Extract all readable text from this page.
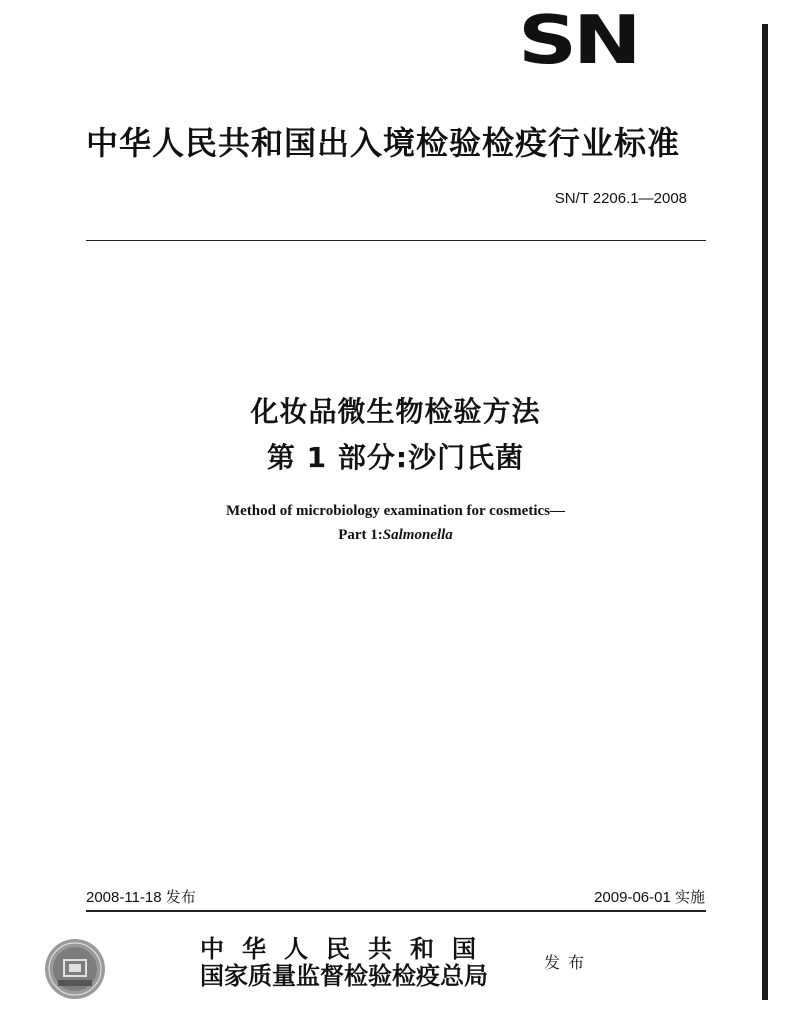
SN
中华人民共和国出入境检验检疫行业标准
SN/T 2206.1—2008
化妆品微生物检验方法
第 1 部分:沙门氏菌
Method of microbiology examination for cosmetics—
Part 1:Salmonella
2008-11-18 发布	2009-06-01 实施
中华人民共和国
国家质量监督检验检疫总局	发布
